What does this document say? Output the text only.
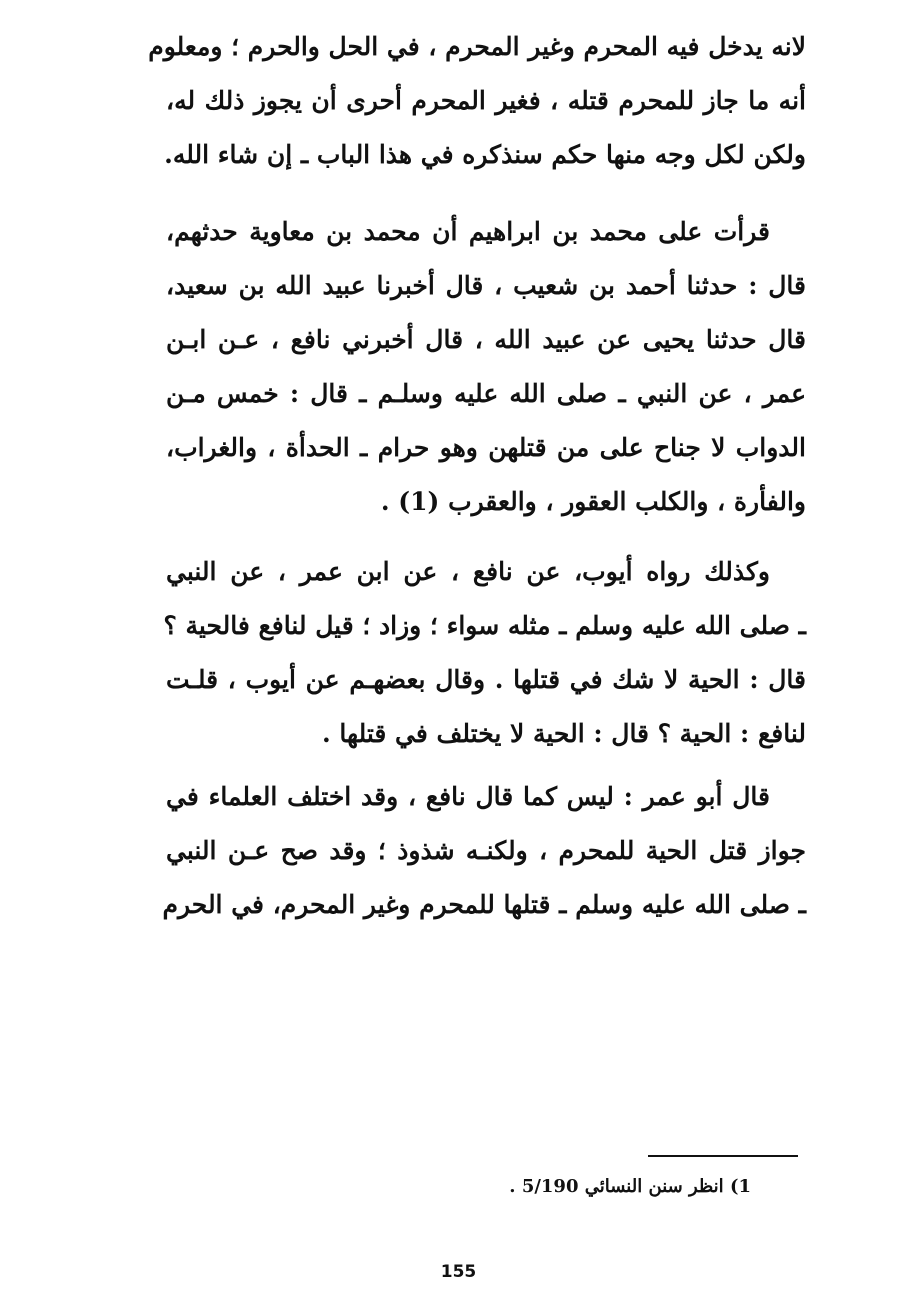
لانه يدخل فيه المحرم وغير المحرم ، في الحل والحرم ؛ ومعلوم
أنه ما جاز للمحرم قتله ، فغير المحرم أحرى أن يجوز ذلك له،
ولكن لكل وجه منها حكم سنذكره في هذا الباب ـ إن شاء الله.
قرأت على محمد بن ابراهيم أن محمد بن معاوية حدثهم،
قال : حدثنا أحمد بن شعيب ، قال أخبرنا عبيد الله بن سعيد،
قال حدثنا يحيى عن عبيد الله ، قال أخبرني نافع ، عـن ابـن
عمر ، عن النبي ـ صلى الله عليه وسلـم ـ قال : خمس مـن
الدواب لا جناح على من قتلهن وهو حرام ـ الحدأة ، والغراب،
والفأرة ، والكلب العقور ، والعقرب (1) .
وكذلك رواه أيوب، عن نافع ، عن ابن عمر ، عن النبي
ـ صلى الله عليه وسلم ـ مثله سواء ؛ وزاد ؛ قيل لنافع فالحية ؟
قال : الحية لا شك في قتلها . وقال بعضهـم عن أيوب ، قلـت
لنافع : الحية ؟ قال : الحية لا يختلف في قتلها .
قال أبو عمر : ليس كما قال نافع ، وقد اختلف العلماء في
جواز قتل الحية للمحرم ، ولكنـه شذوذ ؛ وقد صح عـن النبي
ـ صلى الله عليه وسلم ـ قتلها للمحرم وغير المحرم، في الحرم
1) انظر سنن النسائي 5/190 .
155
